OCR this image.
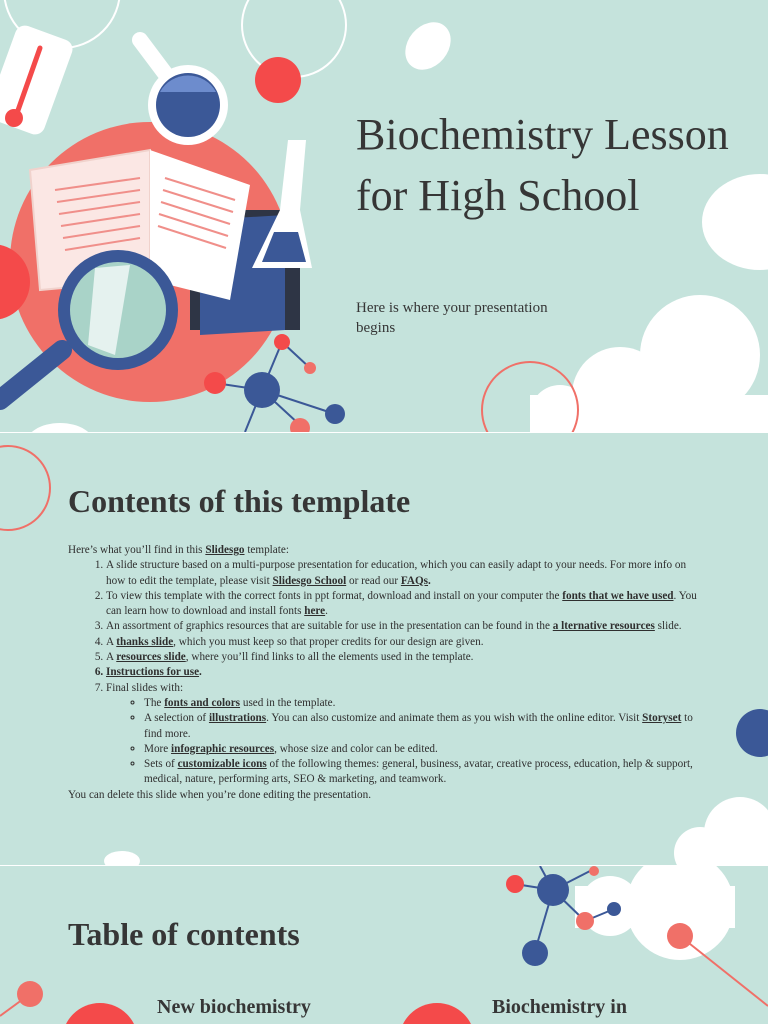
Biochemistry Lesson for High School

Here is where your presentation begins

Contents of this template

Here’s what you’ll find in this Slidesgo template:

1. A slide structure based on a multi-purpose presentation for education, which you can easily adapt to your needs. For more info on how to edit the template, please visit Slidesgo School or read our FAQs.
2. To view this template with the correct fonts in ppt format, download and install on your computer the fonts that we have used. You can learn how to download and install fonts here.
3. An assortment of graphics resources that are suitable for use in the presentation can be found in the a lternative resources slide.
4. A thanks slide, which you must keep so that proper credits for our design are given.
5. A resources slide, where you’ll find links to all the elements used in the template.
6. Instructions for use.
7. Final slides with:
◦ The fonts and colors used in the template.
◦ A selection of illustrations. You can also customize and animate them as you wish with the online editor. Visit Storyset to find more.
◦ More infographic resources, whose size and color can be edited.
◦ Sets of customizable icons of the following themes: general, business, avatar, creative process, education, help & support, medical, nature, performing arts, SEO & marketing, and teamwork.

You can delete this slide when you’re done editing the presentation.

Table of contents
New biochemistry	Biochemistry in
